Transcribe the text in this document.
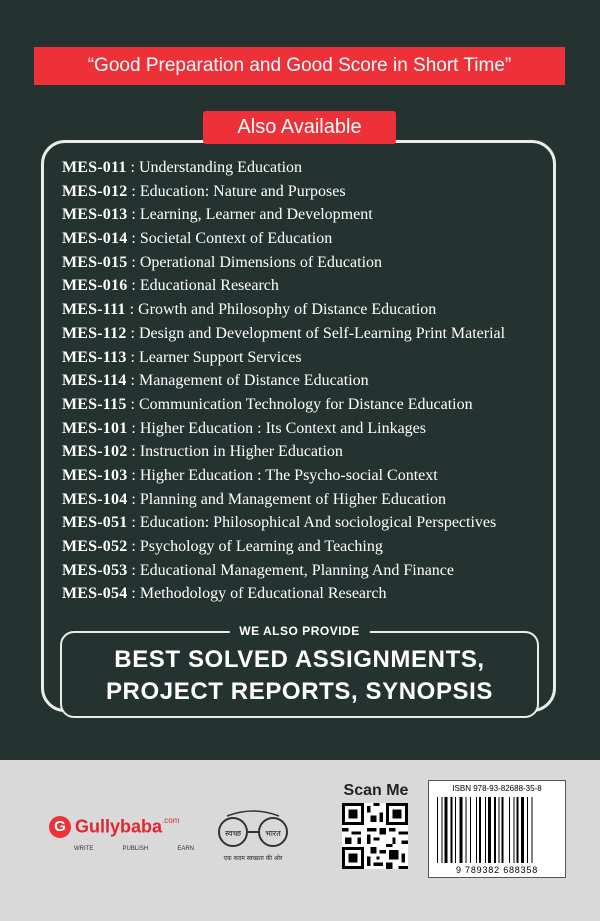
“Good Preparation and Good Score in Short Time”
Also Available
MES-011 : Understanding Education
MES-012 : Education: Nature and Purposes
MES-013 : Learning, Learner and Development
MES-014 : Societal Context of Education
MES-015 : Operational Dimensions of Education
MES-016 : Educational Research
MES-111 : Growth and Philosophy of Distance Education
MES-112 : Design and Development of Self-Learning Print Material
MES-113 : Learner Support Services
MES-114 : Management of Distance Education
MES-115 : Communication Technology for Distance Education
MES-101 : Higher Education : Its Context and Linkages
MES-102 : Instruction in Higher Education
MES-103 : Higher Education : The Psycho-social Context
MES-104 : Planning and Management of Higher Education
MES-051 : Education: Philosophical And sociological Perspectives
MES-052 : Psychology of Learning and Teaching
MES-053 : Educational Management, Planning And Finance
MES-054 : Methodology of Educational Research
WE ALSO PROVIDE
BEST SOLVED ASSIGNMENTS,
PROJECT REPORTS, SYNOPSIS
G Gullybaba$^{.com}$
WRITE	PUBLISH	EARN
स्वच्छ	भारत
एक कदम स्वच्छता की ओर
Scan Me	ISBN 978-93-82688-35-8
9 789382 688358
